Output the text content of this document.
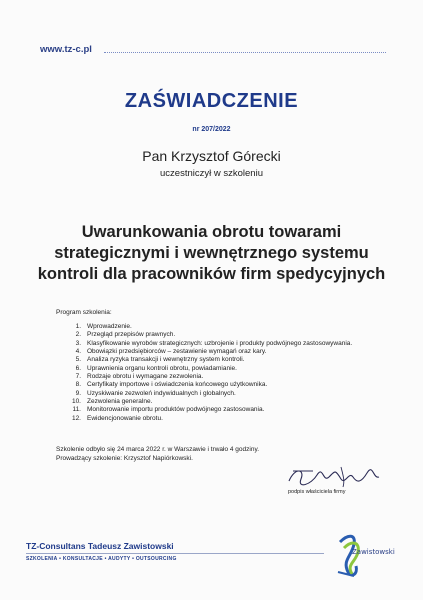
www.tz-c.pl
ZAŚWIADCZENIE
nr 207/2022
Pan Krzysztof Górecki
uczestniczył w szkoleniu
Uwarunkowania obrotu towarami
strategicznymi i wewnętrznego systemu
kontroli dla pracowników firm spedycyjnych
Program szkolenia:
1. Wprowadzenie.
2. Przegląd przepisów prawnych.
3. Klasyfikowanie wyrobów strategicznych: uzbrojenie i produkty podwójnego zastosowywania.
4. Obowiązki przedsiębiorców – zestawienie wymagań oraz kary.
5. Analiza ryzyka transakcji i wewnętrzny system kontroli.
6. Uprawnienia organu kontroli obrotu, powiadamianie.
7. Rodzaje obrotu i wymagane zezwolenia.
8. Certyfikaty importowe i oświadczenia końcowego użytkownika.
9. Uzyskiwanie zezwoleń indywidualnych i globalnych.
10. Zezwolenia generalne.
11. Monitorowanie importu produktów podwójnego zastosowania.
12. Ewidencjonowanie obrotu.
Szkolenie odbyło się 24 marca 2022 r. w Warszawie i trwało 4 godziny.
Prowadzący szkolenie: Krzysztof Napiórkowski.
podpis właściciela firmy
TZ-Consultans Tadeusz Zawistowski
SZKOLENIA • KONSULTACJE • AUDYTY • OUTSOURCING
Zawistowski
